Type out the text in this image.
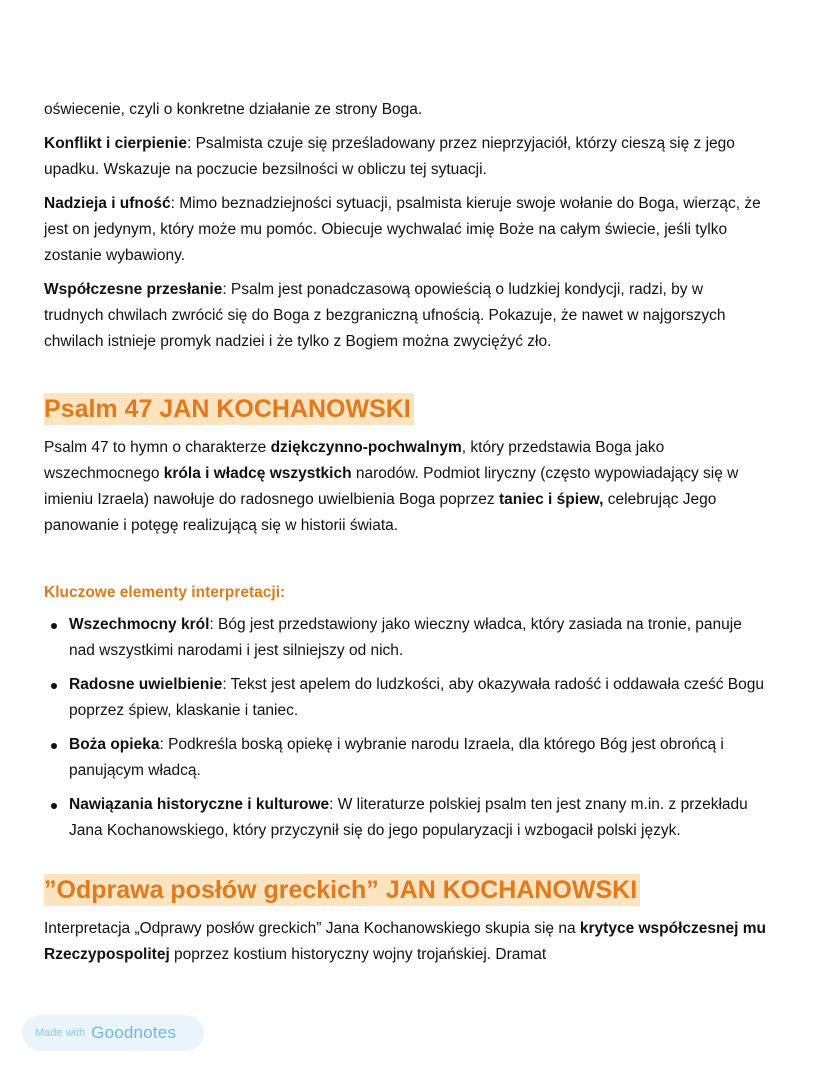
oświecenie, czyli o konkretne działanie ze strony Boga.

Konflikt i cierpienie: Psalmista czuje się prześladowany przez nieprzyjaciół, którzy cieszą się z jego upadku. Wskazuje na poczucie bezsilności w obliczu tej sytuacji.

Nadzieja i ufność: Mimo beznadziejności sytuacji, psalmista kieruje swoje wołanie do Boga, wierząc, że jest on jedynym, który może mu pomóc. Obiecuje wychwalać imię Boże na całym świecie, jeśli tylko zostanie wybawiony.

Współczesne przesłanie: Psalm jest ponadczasową opowieścią o ludzkiej kondycji, radzi, by w trudnych chwilach zwrócić się do Boga z bezgraniczną ufnością. Pokazuje, że nawet w najgorszych chwilach istnieje promyk nadziei i że tylko z Bogiem można zwyciężyć zło.

Psalm 47 JAN KOCHANOWSKI

Psalm 47 to hymn o charakterze dziękczynno-pochwalnym, który przedstawia Boga jako wszechmocnego króla i władcę wszystkich narodów. Podmiot liryczny (często wypowiadający się w imieniu Izraela) nawołuje do radosnego uwielbienia Boga poprzez taniec i śpiew, celebrując Jego panowanie i potęgę realizującą się w historii świata.

Kluczowe elementy interpretacji:
Wszechmocny król: Bóg jest przedstawiony jako wieczny władca, który zasiada na tronie, panuje nad wszystkimi narodami i jest silniejszy od nich.
Radosne uwielbienie: Tekst jest apelem do ludzkości, aby okazywała radość i oddawała cześć Bogu poprzez śpiew, klaskanie i taniec.
Boża opieka: Podkreśla boską opiekę i wybranie narodu Izraela, dla którego Bóg jest obrońcą i panującym władcą.
Nawiązania historyczne i kulturowe: W literaturze polskiej psalm ten jest znany m.in. z przekładu Jana Kochanowskiego, który przyczynił się do jego popularyzacji i wzbogacił polski język.
”Odprawa posłów greckich” JAN KOCHANOWSKI

Interpretacja „Odprawy posłów greckich” Jana Kochanowskiego skupia się na krytyce współczesnej mu Rzeczypospolitej poprzez kostium historyczny wojny trojańskiej. Dramat

Made with Goodnotes
